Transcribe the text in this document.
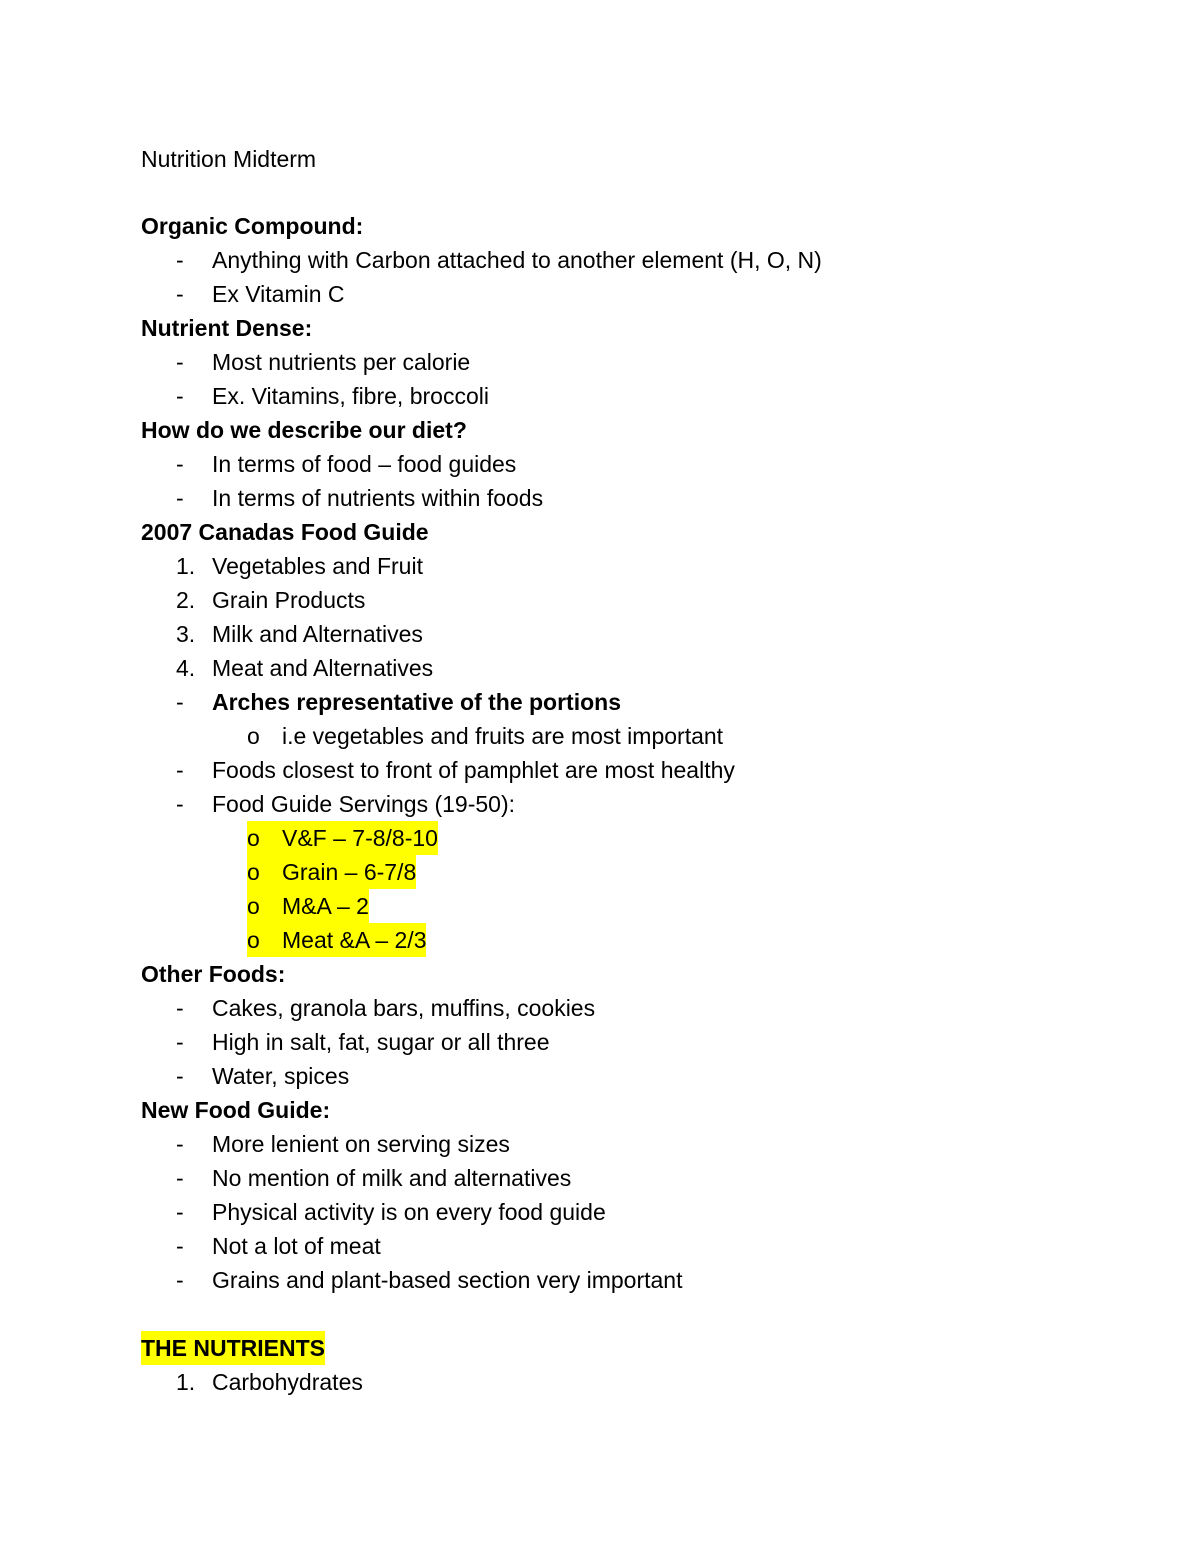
Nutrition Midterm
Organic Compound:
-	Anything with Carbon attached to another element (H, O, N)
-	Ex Vitamin C
Nutrient Dense:
-	Most nutrients per calorie
-	Ex. Vitamins, fibre, broccoli
How do we describe our diet?
-	In terms of food – food guides
-	In terms of nutrients within foods
2007 Canadas Food Guide
1. Vegetables and Fruit
2. Grain Products
3. Milk and Alternatives
4. Meat and Alternatives
-	Arches representative of the portions
o i.e vegetables and fruits are most important
-	Foods closest to front of pamphlet are most healthy
-	Food Guide Servings (19-50):
o V&F – 7-8/8-10
o Grain – 6-7/8
o M&A – 2
o Meat &A – 2/3
Other Foods:
-	Cakes, granola bars, muffins, cookies
-	High in salt, fat, sugar or all three
-	Water, spices
New Food Guide:
-	More lenient on serving sizes
-	No mention of milk and alternatives
-	Physical activity is on every food guide
-	Not a lot of meat
-	Grains and plant-based section very important
THE NUTRIENTS
1. Carbohydrates
